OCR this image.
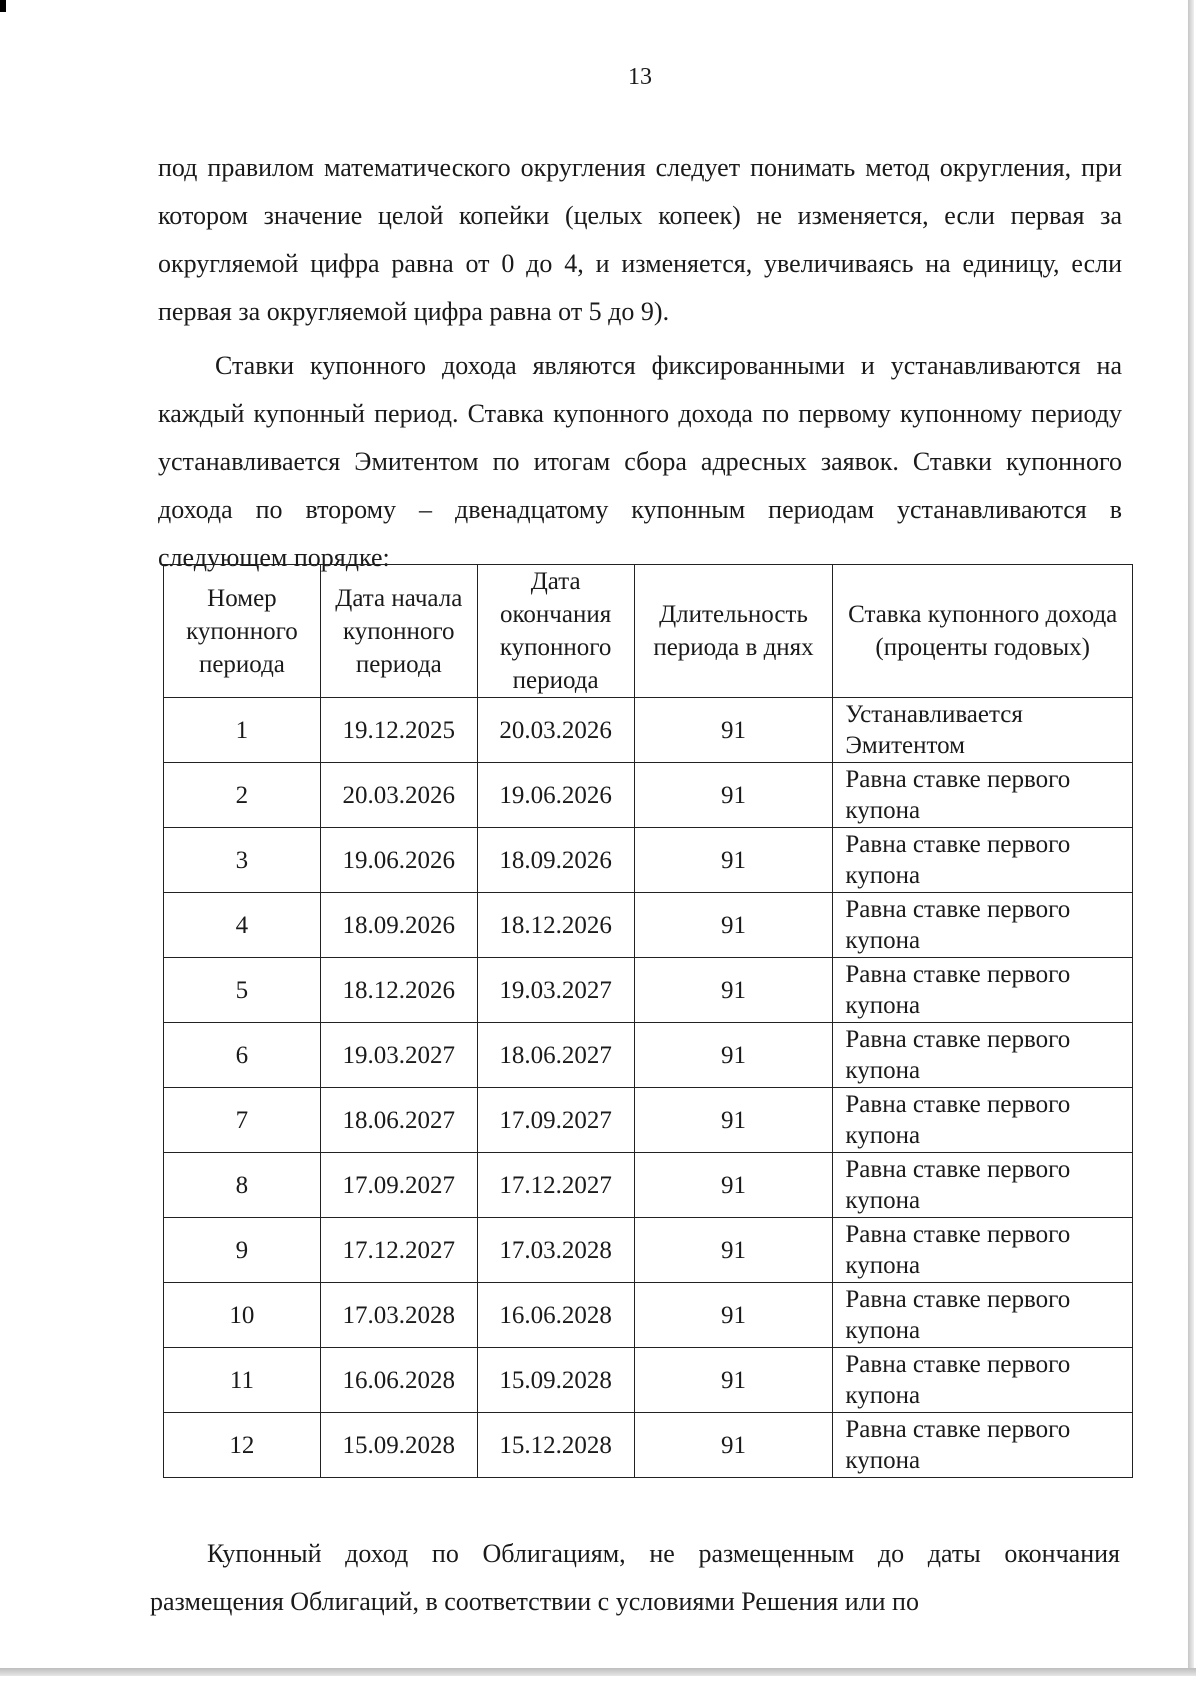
13

под правилом математического округления следует понимать метод округления, при котором значение целой копейки (целых копеек) не изменяется, если первая за округляемой цифра равна от 0 до 4, и изменяется, увеличиваясь на единицу, если первая за округляемой цифра равна от 5 до 9).

Ставки купонного дохода являются фиксированными и устанавливаются на каждый купонный период. Ставка купонного дохода по первому купонному периоду устанавливается Эмитентом по итогам сбора адресных заявок. Ставки купонного дохода по второму – двенадцатому купонным периодам устанавливаются в следующем порядке:

Номер купонного периода	Дата начала купонного периода	Дата окончания купонного периода	Длительность периода в днях	Ставка купонного дохода (проценты годовых)
1	19.12.2025	20.03.2026	91	Устанавливается Эмитентом
2	20.03.2026	19.06.2026	91	Равна ставке первого купона
3	19.06.2026	18.09.2026	91	Равна ставке первого купона
4	18.09.2026	18.12.2026	91	Равна ставке первого купона
5	18.12.2026	19.03.2027	91	Равна ставке первого купона
6	19.03.2027	18.06.2027	91	Равна ставке первого купона
7	18.06.2027	17.09.2027	91	Равна ставке первого купона
8	17.09.2027	17.12.2027	91	Равна ставке первого купона
9	17.12.2027	17.03.2028	91	Равна ставке первого купона
10	17.03.2028	16.06.2028	91	Равна ставке первого купона
11	16.06.2028	15.09.2028	91	Равна ставке первого купона
12	15.09.2028	15.12.2028	91	Равна ставке первого купона

Купонный доход по Облигациям, не размещенным до даты окончания размещения Облигаций, в соответствии с условиями Решения или по
